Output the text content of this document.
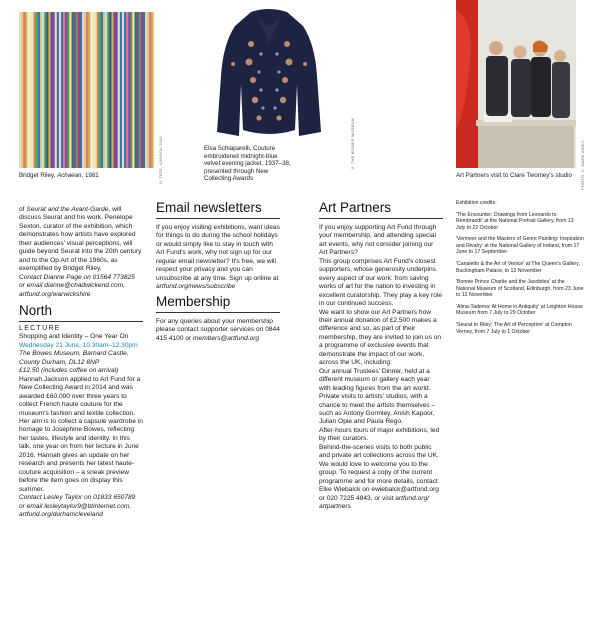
© TATE, LONDON 2015
Bridget Riley, Achaean, 1981
© THE BOWES MUSEUM
Elsa Schiaparelli, Couture
embroidered midnight-blue
velvet evening jacket, 1937–38,
presented through New
Collecting Awards	PHOTO © JAMIE AIREY
Art Partners visit to Clare Twomey's studio

of Seurat and the Avant-Garde, will discuss Seurat and his work. Penelope Sexton, curator of the exhibition, which demonstrates how artists have explored their audiences' visual perceptions, will guide beyond Seurat into the 20th century and to the Op Art of the 1960s, as exemplified by Bridget Riley.

Contact Dianne Page on 01564 773825
or email dianne@chadwickend.com,
artfund.org/warwickshire
North
LECTURE
Shopping and Identity – One Year On
Wednesday 21 June, 10.30am–12.30pm
The Bowes Museum, Barnard Castle,
County Durham, DL12 8NP
£12.50 (includes coffee on arrival)

Hannah Jackson applied to Art Fund for a New Collecting Award in 2014 and was awarded £60,000 over three years to collect French haute couture for the museum's fashion and textile collection. Her aim is to collect a capsule wardrobe in homage to Joséphine Bowes, reflecting her tastes, lifestyle and identity. In this talk, one year on from her lecture in June 2016, Hannah gives an update on her research and presents her latest haute-couture acquisition – a sneak preview before the item goes on display this summer.

Contact Lesley Taylor on 01833 650789
or email lesleytaylor9@btinternet.com,
artfund.org/durhamcleveland
Email newsletters

If you enjoy visiting exhibitions, want ideas for things to do during the school holidays or would simply like to stay in touch with Art Fund's work, why not sign up for our regular email newsletter? It's free, we will respect your privacy and you can unsubscribe at any time. Sign up online at artfund.org/news/subscribe

Membership

For any queries about your membership please contact supporter services on 0844 415 4100 or members@artfund.org

Art Partners

If you enjoy supporting Art Fund through your membership, and attending special art events, why not consider joining our Art Partners?

This group comprises Art Fund's closest supporters, whose generosity underpins every aspect of our work: from saving works of art for the nation to investing in excellent curatorship. They play a key role in our continued success.

We want to show our Art Partners how their annual donation of £2,500 makes a difference and so, as part of their membership, they are invited to join us on a programme of exclusive events that demonstrate the impact of our work, across the UK, including:

Our annual Trustees' Dinner, held at a different museum or gallery each year with leading figures from the art world.

Private visits to artists' studios, with a chance to meet the artists themselves – such as Antony Gormley, Anish Kapoor, Julian Opie and Paula Rego.

After-hours tours of major exhibitions, led by their curators.

Behind-the-scenes visits to both public and private art collections across the UK.

We would love to welcome you to the group. To request a copy of the current programme and for more details, contact Elke Wiebalck on ewiebalck@artfund.org or 020 7225 4843, or visit artfund.org/ artpartners

Exhibition credits:

'The Encounter: Drawings from Leonardo to Rembrandt' at the National Portrait Gallery, from 13 July to 22 October

'Vermeer and the Masters of Genre Painting: Inspiration and Rivalry' at the National Gallery of Ireland, from 17 June to 17 September

'Canaletto & the Art of Venice' at The Queen's Gallery, Buckingham Palace, to 12 November

'Bonnie Prince Charlie and the Jacobites' at the National Museum of Scotland, Edinburgh, from 23 June to 12 November

'Alma-Tadema: At Home in Antiquity' at Leighton House Museum from 7 July to 29 October

'Seurat to Riley: The Art of Perception' at Compton Verney, from 7 July to 1 October
